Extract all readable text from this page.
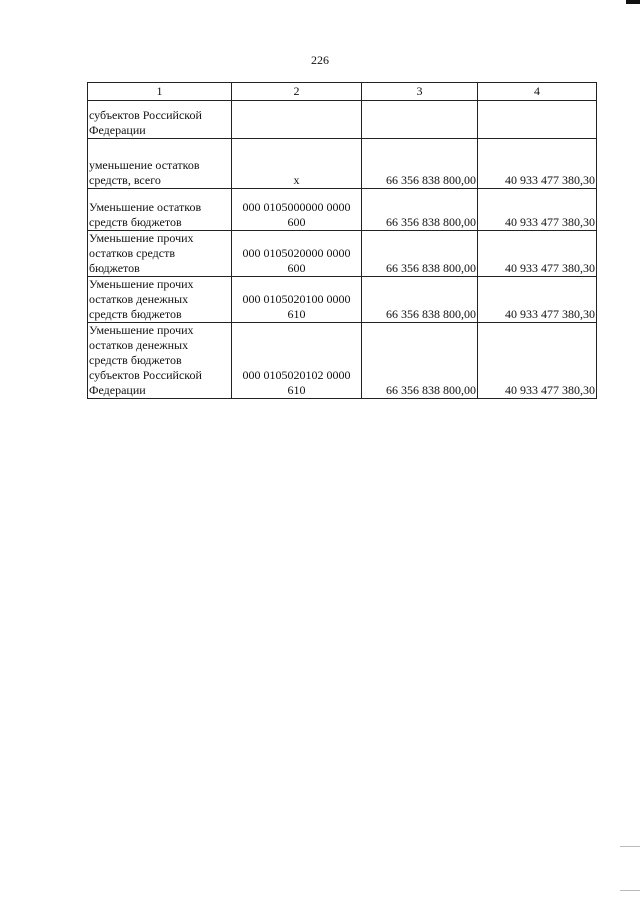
226
1	2	3	4

субъектов Российской
Федерации			

уменьшение остатков
средств, всего	х	66 356 838 800,00	40 933 477 380,30

Уменьшение остатков
средств бюджетов	000 0105000000 0000
600	66 356 838 800,00	40 933 477 380,30

Уменьшение прочих
остатков средств
бюджетов	000 0105020000 0000
600	66 356 838 800,00	40 933 477 380,30

Уменьшение прочих
остатков денежных
средств бюджетов	000 0105020100 0000
610	66 356 838 800,00	40 933 477 380,30

Уменьшение прочих
остатков денежных
средств бюджетов
субъектов Российской
Федерации	000 0105020102 0000
610	66 356 838 800,00	40 933 477 380,30
